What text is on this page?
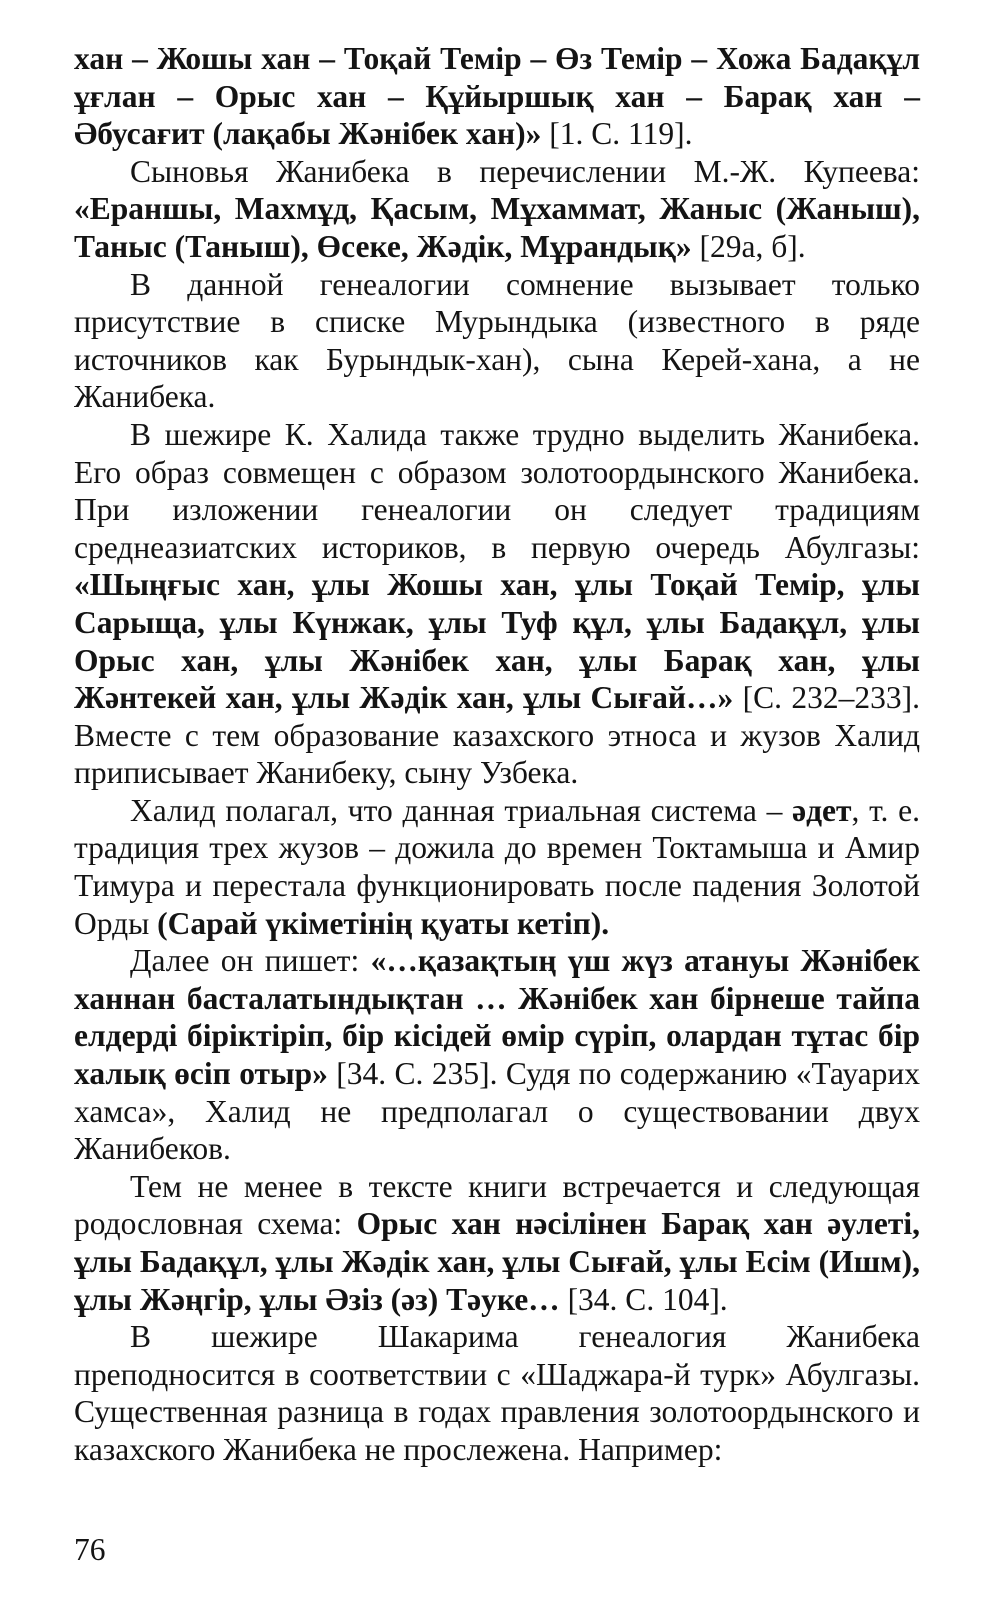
хан – Жошы хан – Тоқай Темір – Өз Темір – Хожа Бадақұл ұғлан – Орыс хан – Құйыршық хан – Барақ хан – Әбусағит (лақабы Жәнібек хан)» [1. С. 119].

Сыновья Жанибека в перечислении М.-Ж. Купеева: «Ераншы, Махмұд, Қасым, Мұхаммат, Жаныс (Жаныш), Таныс (Таныш), Өсеке, Жәдік, Мұрандық» [29а, б].

В данной генеалогии сомнение вызывает только присутствие в списке Мурындыка (известного в ряде источников как Бурындык-хан), сына Керей-хана, а не Жанибека.

В шежире К. Халида также трудно выделить Жанибека. Его образ совмещен с образом золотоордынского Жанибека. При изложении генеалогии он следует традициям среднеазиатских историков, в первую очередь Абулгазы: «Шыңғыс хан, ұлы Жошы хан, ұлы Тоқай Темір, ұлы Сарыща, ұлы Күнжак, ұлы Туф құл, ұлы Бадақұл, ұлы Орыс хан, ұлы Жәнібек хан, ұлы Барақ хан, ұлы Жәнтекей хан, ұлы Жәдік хан, ұлы Сығай…» [С. 232–233]. Вместе с тем образование казахского этноса и жузов Халид приписывает Жанибеку, сыну Узбека.

Халид полагал, что данная триальная система – әдет, т. е. традиция трех жузов – дожила до времен Токтамыша и Амир Тимура и перестала функционировать после падения Золотой Орды (Сарай үкіметінің қуаты кетіп).

Далее он пишет: «…қазақтың үш жүз атануы Жәнібек ханнан басталатындықтан … Жәнібек хан бірнеше тайпа елдерді біріктіріп, бір кісідей өмір сүріп, олардан тұтас бір халық өсіп отыр» [34. С. 235]. Судя по содержанию «Тауарих хамса», Халид не предполагал о существовании двух Жанибеков.

Тем не менее в тексте книги встречается и следующая родословная схема: Орыс хан нәсілінен Барақ хан әулеті, ұлы Бадақұл, ұлы Жәдік хан, ұлы Сығай, ұлы Есім (Ишм), ұлы Жәңгір, ұлы Әзіз (әз) Тәуке… [34. С. 104].

В шежире Шакарима генеалогия Жанибека преподносится в соответствии с «Шаджара-й турк» Абулгазы. Существенная разница в годах правления золотоордынского и казахского Жанибека не прослежена. Например:

76
